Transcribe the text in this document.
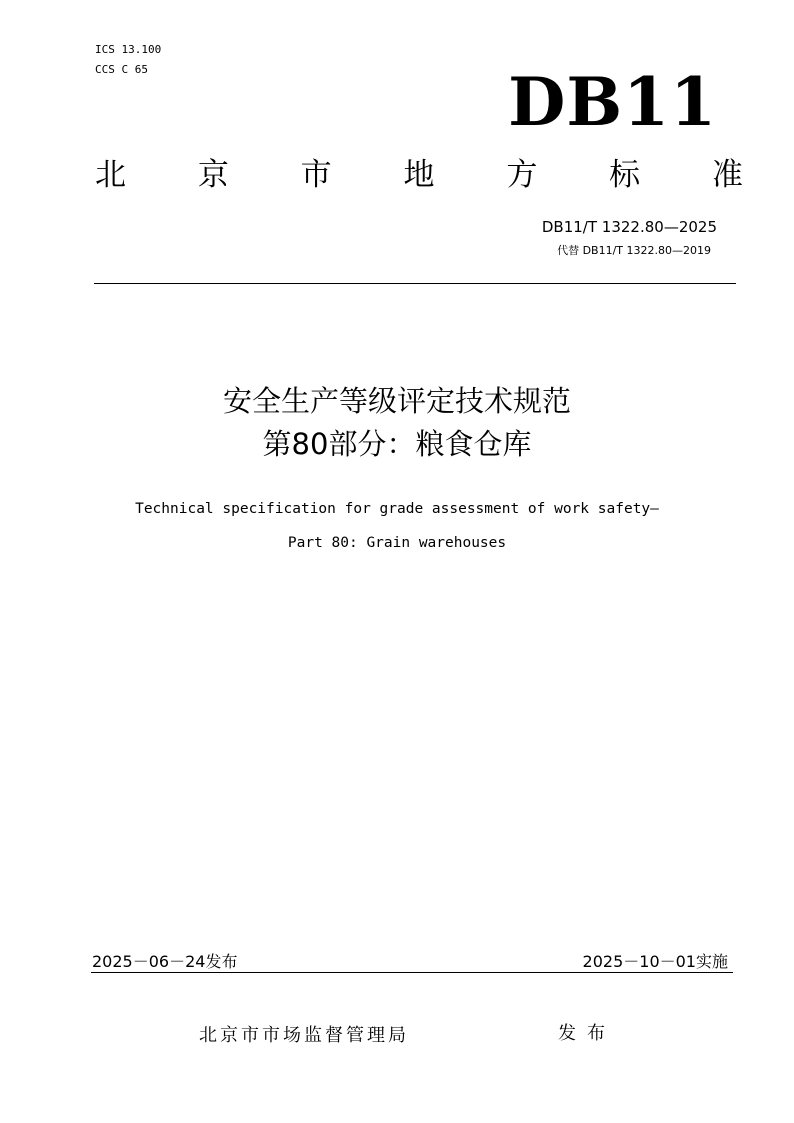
ICS 13.100
CCS C 65	DB11
北 京 市 地 方 标 准
DB11/T 1322.80—2025
代替 DB11/T 1322.80—2019
安全生产等级评定技术规范
第80部分：粮食仓库
Technical specification for grade assessment of work safety—
Part 80: Grain warehouses
2025－06－24发布	2025－10－01实施
北京市市场监督管理局	发布
